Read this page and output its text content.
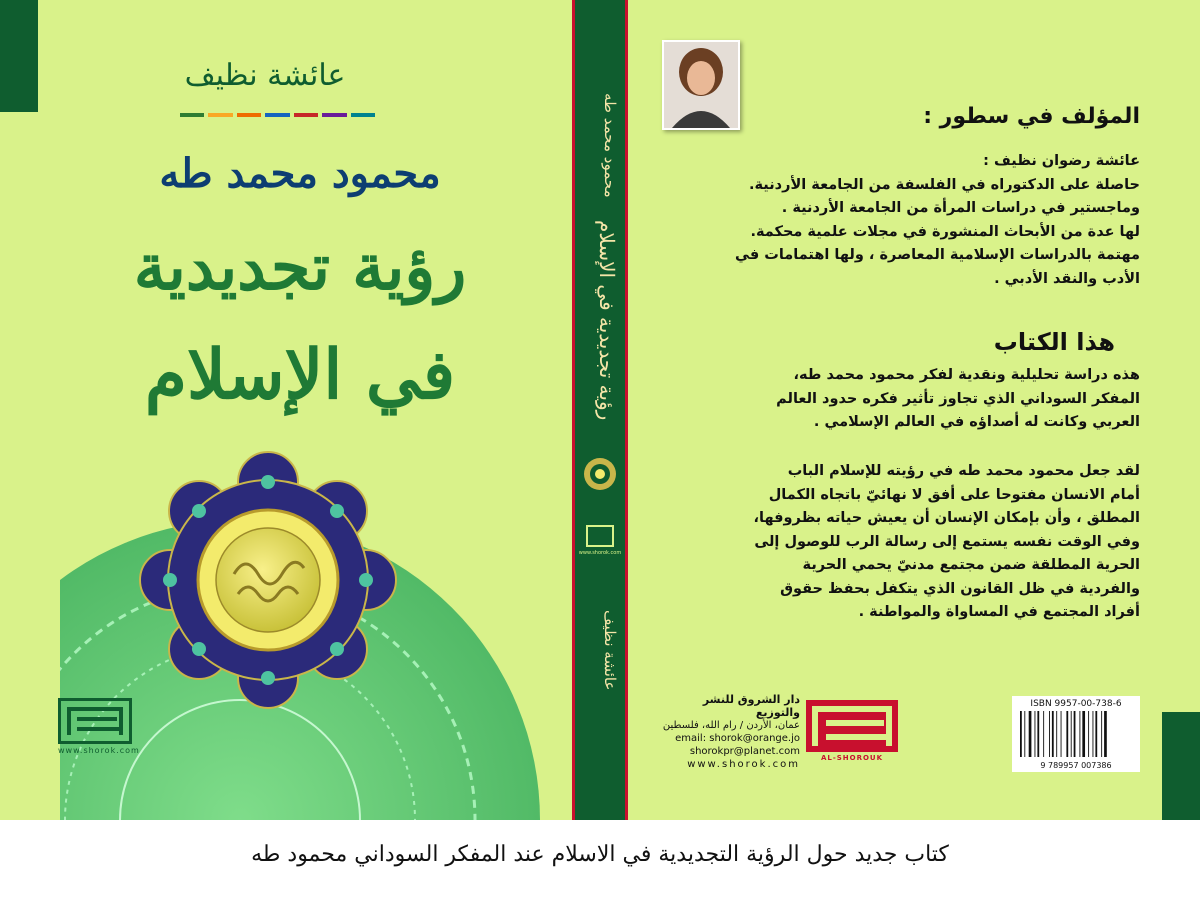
عائشة نظيف
محمود محمد طه
رؤية تجديدية
في الإسلام
www.shorok.com
محمود محمد طه
رؤية تجديدية في الإسلام
www.shorok.com
عائشة نظيف
المؤلف في سطور :
عائشة رضوان نظيف :
حاصلة على الدكتوراه في الفلسفة من الجامعة الأردنية.
وماجستير في دراسات المرأة من الجامعة الأردنية .
لها عدة من الأبحاث المنشورة في مجلات علمية محكمة.
مهتمة بالدراسات الإسلامية المعاصرة ، ولها اهتمامات في
الأدب والنقد الأدبي .
هذا الكتاب
هذه دراسة تحليلية ونقدية لفكر محمود محمد طه،
المفكر السوداني الذي تجاوز تأثير فكره حدود العالم
العربي وكانت له أصداؤه في العالم الإسلامي .
لقد جعل محمود محمد طه في رؤيته للإسلام الباب
أمام الانسان مفتوحا على أفق لا نهائيّ باتجاه الكمال
المطلق ، وأن بإمكان الإنسان أن يعيش حياته بظروفها،
وفي الوقت نفسه يستمع إلى رسالة الرب للوصول إلى
الحرية المطلقة ضمن مجتمع مدنيّ يحمي الحرية
والفردية في ظل القانون الذي يتكفل بحفظ حقوق
أفراد المجتمع في المساواة والمواطنة .
دار الشروق للنشر والتوزيع
عمان، الأردن / رام الله، فلسطين
email: shorok@orange.jo
shorokpr@planet.com
www.shorok.com
AL-SHOROUK
ISBN 9957-00-738-6
9 789957 007386
كتاب جديد حول الرؤية التجديدية في الاسلام عند المفكر السوداني محمود طه
